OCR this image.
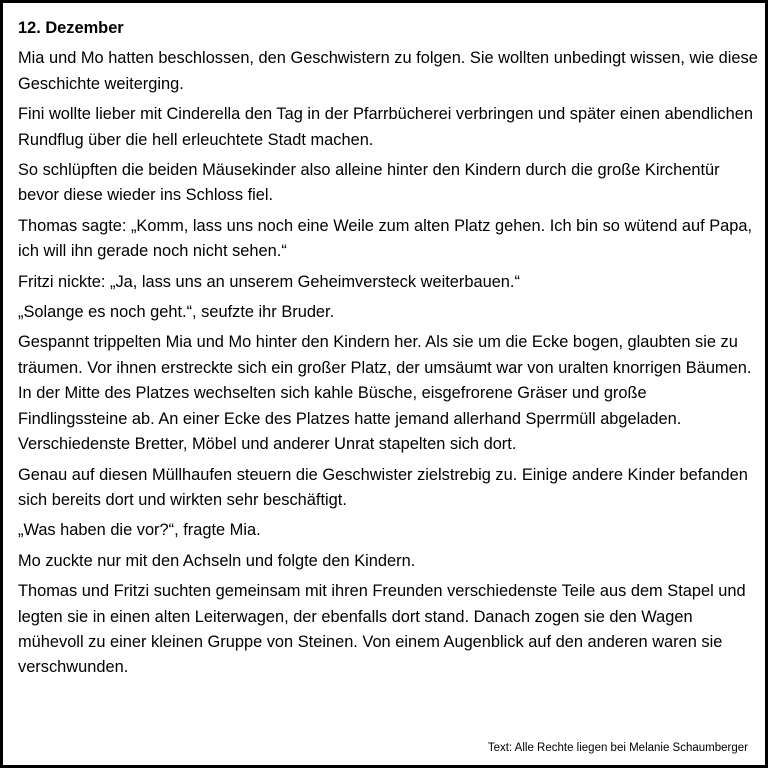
12. Dezember

Mia und Mo hatten beschlossen, den Geschwistern zu folgen. Sie wollten unbedingt wissen, wie diese Geschichte weiterging.

Fini wollte lieber mit Cinderella den Tag in der Pfarrbücherei verbringen und später einen abendlichen Rundflug über die hell erleuchtete Stadt machen.

So schlüpften die beiden Mäusekinder also alleine hinter den Kindern durch die große Kirchentür bevor diese wieder ins Schloss fiel.

Thomas sagte: „Komm, lass uns noch eine Weile zum alten Platz gehen. Ich bin so wütend auf Papa, ich will ihn gerade noch nicht sehen.“

Fritzi nickte: „Ja, lass uns an unserem Geheimversteck weiterbauen.“

„Solange es noch geht.“, seufzte ihr Bruder.

Gespannt trippelten Mia und Mo hinter den Kindern her. Als sie um die Ecke bogen, glaubten sie zu träumen. Vor ihnen erstreckte sich ein großer Platz, der umsäumt war von uralten knorrigen Bäumen. In der Mitte des Platzes wechselten sich kahle Büsche, eisgefrorene Gräser und große Findlingssteine ab. An einer Ecke des Platzes hatte jemand allerhand Sperrmüll abgeladen. Verschiedenste Bretter, Möbel und anderer Unrat stapelten sich dort.

Genau auf diesen Müllhaufen steuern die Geschwister zielstrebig zu. Einige andere Kinder befanden sich bereits dort und wirkten sehr beschäftigt.

„Was haben die vor?“, fragte Mia.

Mo zuckte nur mit den Achseln und folgte den Kindern.

Thomas und Fritzi suchten gemeinsam mit ihren Freunden verschiedenste Teile aus dem Stapel und legten sie in einen alten Leiterwagen, der ebenfalls dort stand. Danach zogen sie den Wagen mühevoll zu einer kleinen Gruppe von Steinen. Von einem Augenblick auf den anderen waren sie verschwunden.

Text: Alle Rechte liegen bei Melanie Schaumberger
